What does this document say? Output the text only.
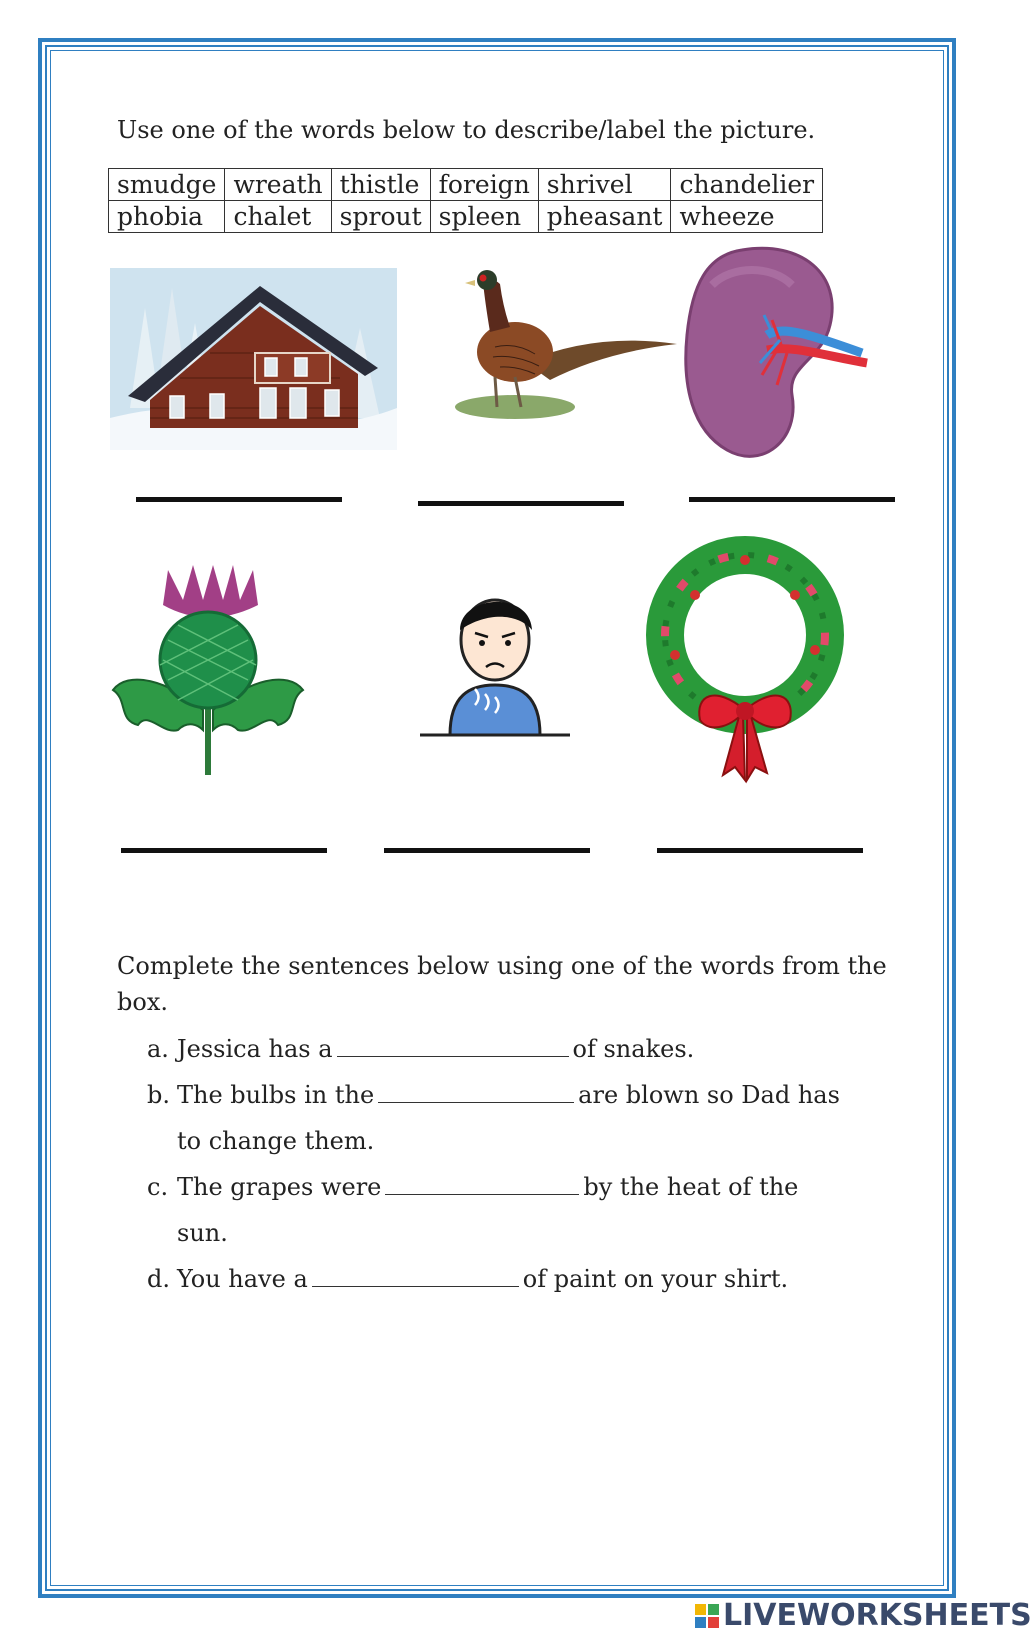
Use one of the words below to describe/label the picture.
smudge	wreath	thistle	foreign	shrivel	chandelier
phobia	chalet	sprout	spleen	pheasant	wheeze
Complete the sentences below using one of the words from the box.
a. Jessica has a	of snakes.
b. The bulbs in the	are blown so Dad has
to change them.
c. The grapes were	by the heat of the
sun.
d. You have a	of paint on your shirt.
LIVEWORKSHEETS
